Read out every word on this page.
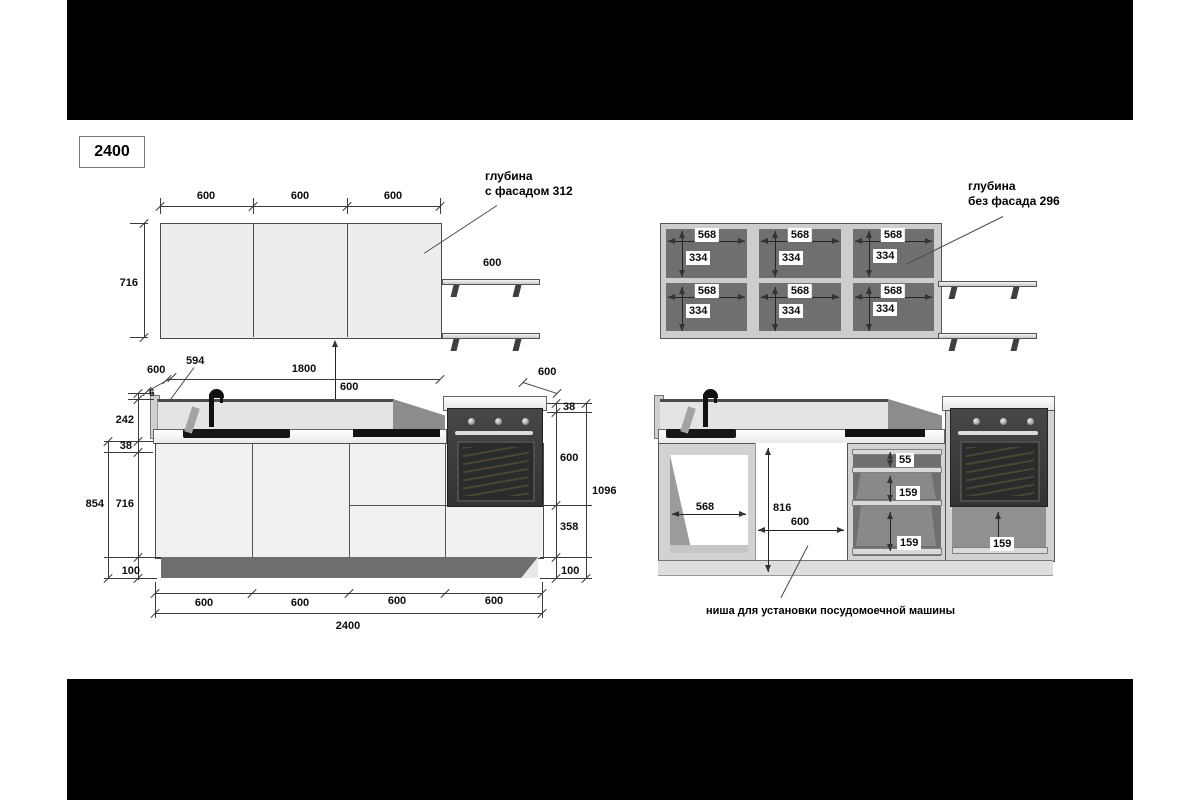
2400
600	600	600
716
600
глубина
с фасадом 312
568	568	568
334	334	334
568	568	568
334	334	334
глубина
без фасада 296
600
594
1800	600
600
242
38
716
100
854
38
600
358
100
1096
600	600	600	600
2400
568	816
600
55
159
159	159
ниша для установки посудомоечной машины
